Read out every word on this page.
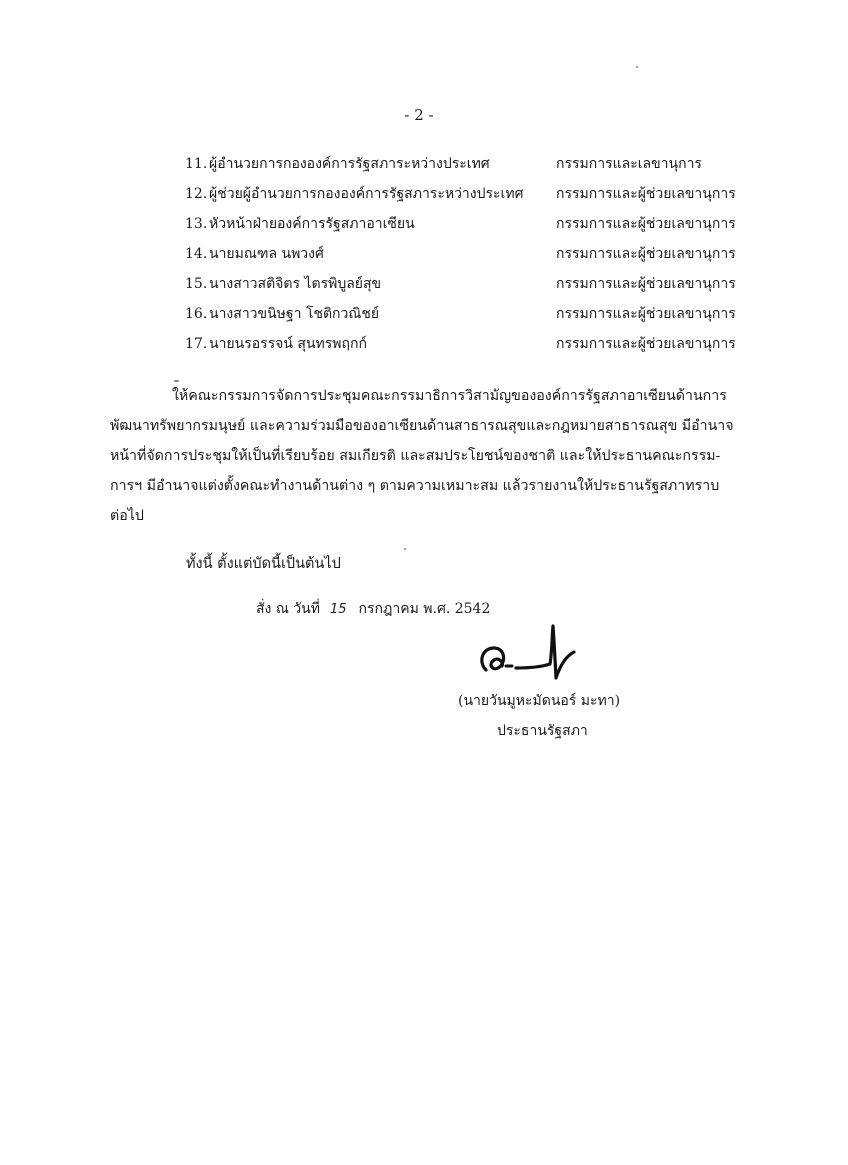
- 2 -
11. ผู้อำนวยการกององค์การรัฐสภาระหว่างประเทศ	กรรมการและเลขานุการ
12. ผู้ช่วยผู้อำนวยการกององค์การรัฐสภาระหว่างประเทศ กรรมการและผู้ช่วยเลขานุการ
13. หัวหน้าฝ่ายองค์การรัฐสภาอาเซียน	กรรมการและผู้ช่วยเลขานุการ
14. นายมณฑล นพวงศ์	กรรมการและผู้ช่วยเลขานุการ
15. นางสาวสติจิตร ไตรพิบูลย์สุข	กรรมการและผู้ช่วยเลขานุการ
16. นางสาวขนิษฐา โชติกวณิชย์	กรรมการและผู้ช่วยเลขานุการ
17. นายนรอรรจน์ สุนทรพฤกก์	กรรมการและผู้ช่วยเลขานุการ
ให้คณะกรรมการจัดการประชุมคณะกรรมาธิการวิสามัญขององค์การรัฐสภาอาเซียนด้านการ
พัฒนาทรัพยากรมนุษย์ และความร่วมมือของอาเซียนด้านสาธารณสุขและกฎหมายสาธารณสุข มีอำนาจ
หน้าที่จัดการประชุมให้เป็นที่เรียบร้อย สมเกียรติ และสมประโยชน์ของชาติ และให้ประธานคณะกรรม-
การฯ มีอำนาจแต่งตั้งคณะทำงานด้านต่าง ๆ ตามความเหมาะสม แล้วรายงานให้ประธานรัฐสภาทราบ
ต่อไป
ทั้งนี้ ตั้งแต่บัดนี้เป็นต้นไป
สั่ง ณ วันที่ 15 กรกฎาคม พ.ศ. 2542
(นายวันมูหะมัดนอร์ มะทา)
ประธานรัฐสภา
